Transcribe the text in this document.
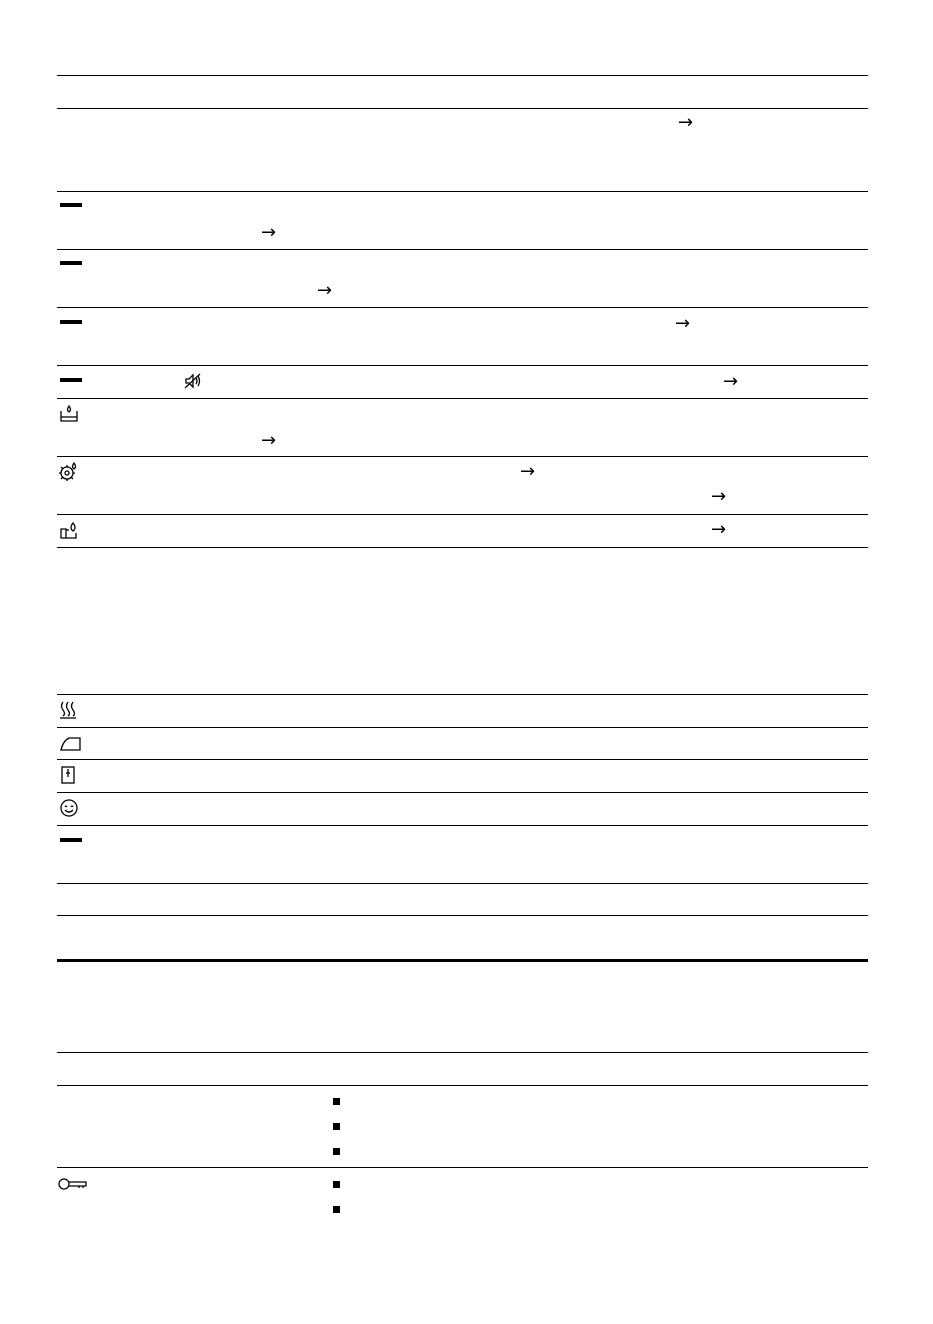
→
→
→
→
→
→
→
→
→
